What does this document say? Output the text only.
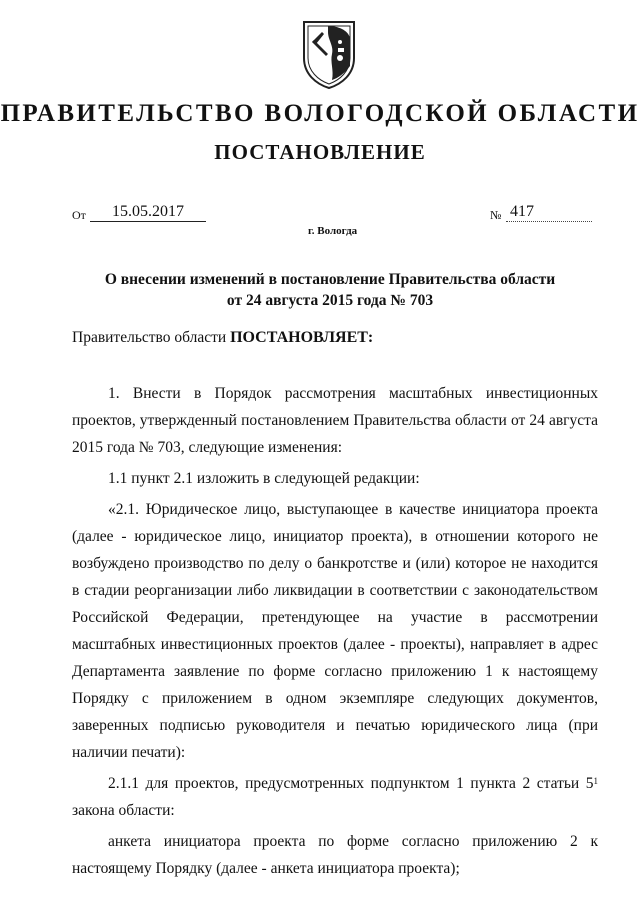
ПРАВИТЕЛЬСТВО ВОЛОГОДСКОЙ ОБЛАСТИ
ПОСТАНОВЛЕНИЕ
От	15.05.2017	№ 417
г. Вологда
О внесении изменений в постановление Правительства области
от 24 августа 2015 года № 703
Правительство области ПОСТАНОВЛЯЕТ:

1. Внести в Порядок рассмотрения масштабных инвестиционных проектов, утвержденный постановлением Правительства области от 24 августа 2015 года № 703, следующие изменения:

1.1 пункт 2.1 изложить в следующей редакции:

«2.1. Юридическое лицо, выступающее в качестве инициатора проекта (далее - юридическое лицо, инициатор проекта), в отношении которого не возбуждено производство по делу о банкротстве и (или) которое не находится в стадии реорганизации либо ликвидации в соответствии с законодательством Российской Федерации, претендующее на участие в рассмотрении масштабных инвестиционных проектов (далее - проекты), направляет в адрес Департамента заявление по форме согласно приложению 1 к настоящему Порядку с приложением в одном экземпляре следующих документов, заверенных подписью руководителя и печатью юридического лица (при наличии печати):

2.1.1 для проектов, предусмотренных подпунктом 1 пункта 2 статьи $5^1$ закона области:

анкета инициатора проекта по форме согласно приложению 2 к настоящему Порядку (далее - анкета инициатора проекта);
